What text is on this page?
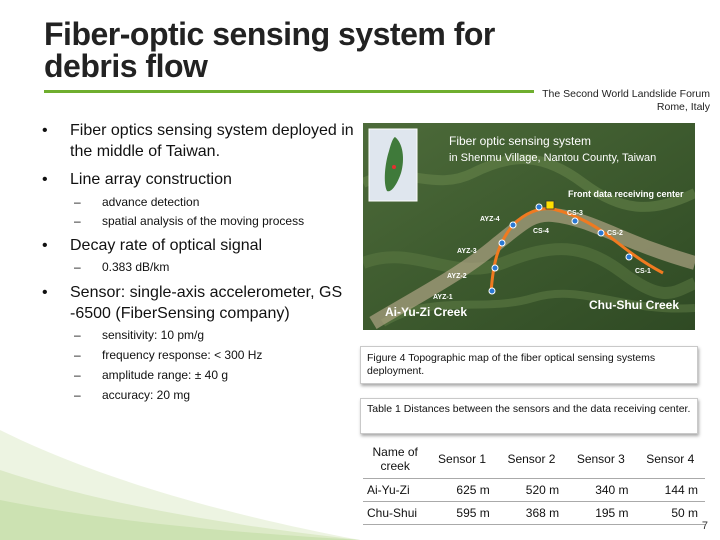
Fiber-optic sensing system for
debris flow
The Second World Landslide Forum
Rome, Italy
•	Fiber optics sensing system deployed in the middle of Taiwan.
•	Line array construction
–	advance detection
–	spatial analysis of the moving process
•	Decay rate of optical signal
–	0.383 dB/km
•	Sensor: single-axis accelerometer, GS -6500 (FiberSensing company)
–	sensitivity: 10 pm/g
–	frequency response: < 300 Hz
–	amplitude range: ± 40 g
–	accuracy: 20 mg
Fiber optic sensing system
in Shenmu Village, Nantou County, Taiwan
Front data receiving center
Ai-Yu-Zi Creek	Chu-Shui Creek
CS-3
CS-4	CS-2
CS-1
AYZ-4
AYZ-3
AYZ-2
AYZ-1
Figure 4 Topographic map of the fiber optical sensing systems deployment.
Table 1 Distances between the sensors and the data receiving center.
Name of creek	Sensor 1	Sensor 2	Sensor 3	Sensor 4
Ai-Yu-Zi	625 m	520 m	340 m	144 m
Chu-Shui	595 m	368 m	195 m	50 m
7
